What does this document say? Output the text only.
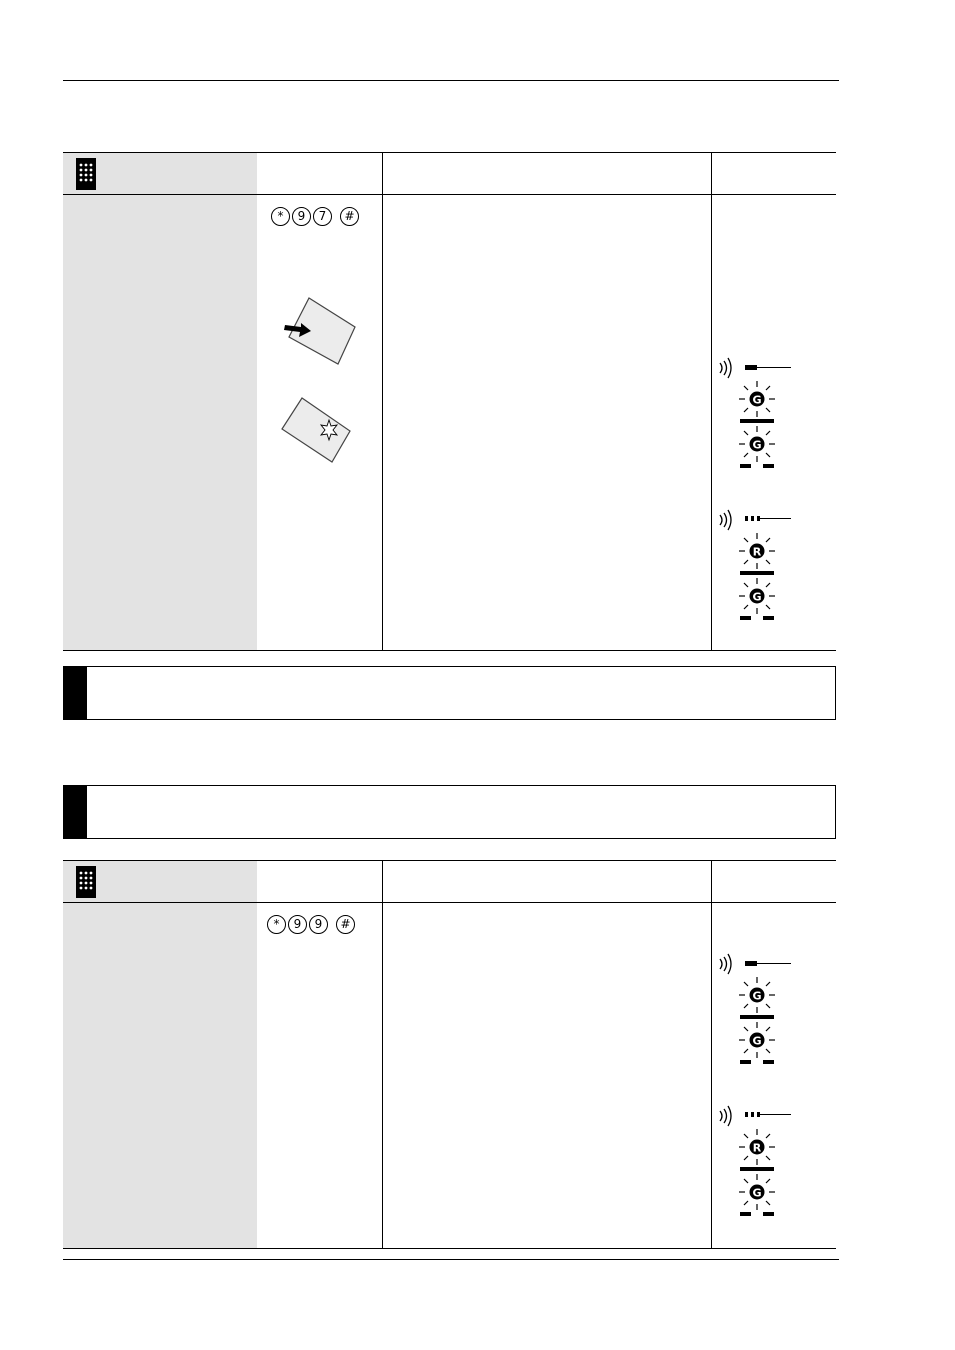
* 9 7 #
G
G
R
G
* 9 9 #
G
G
R
G
